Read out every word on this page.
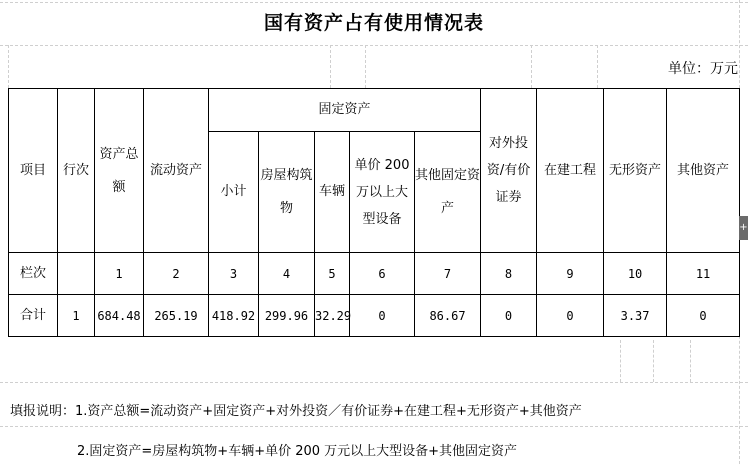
国有资产占有使用情况表
单位：万元
项目	行次	资产总额	流动资产	固定资产					对外投资/有价证券	在建工程	无形资产	其他资产
				小计	房屋构筑物	车辆	单价 200 万以上大型设备	其他固定资产				
栏次		1	2	3	4	5	6	7	8	9	10	11
合计	1	684.48	265.19	418.92	299.96	32.29	0	86.67	0	0	3.37	0
填报说明：1.资产总额=流动资产+固定资产+对外投资／有价证券+在建工程+无形资产+其他资产
2.固定资产=房屋构筑物+车辆+单价 200 万元以上大型设备+其他固定资产
+
